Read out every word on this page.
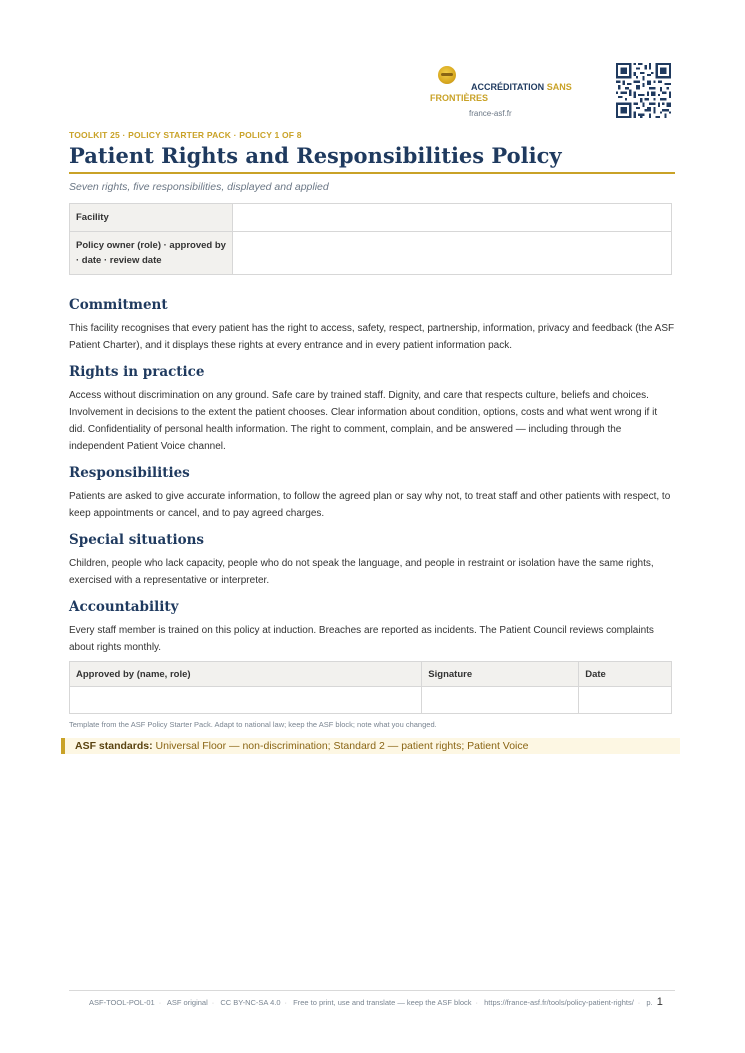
ACCRÉDITATION SANS FRONTIÈRES
france-asf.fr
TOOLKIT 25 · POLICY STARTER PACK · POLICY 1 OF 8
Patient Rights and Responsibilities Policy
Seven rights, five responsibilities, displayed and applied
Facility	
Policy owner (role) · approved by · date · review date	
Commitment

This facility recognises that every patient has the right to access, safety, respect, partnership, information, privacy and feedback (the ASF Patient Charter), and it displays these rights at every entrance and in every patient information pack.

Rights in practice

Access without discrimination on any ground. Safe care by trained staff. Dignity, and care that respects culture, beliefs and choices. Involvement in decisions to the extent the patient chooses. Clear information about condition, options, costs and what went wrong if it did. Confidentiality of personal health information. The right to comment, complain, and be answered — including through the independent Patient Voice channel.

Responsibilities

Patients are asked to give accurate information, to follow the agreed plan or say why not, to treat staff and other patients with respect, to keep appointments or cancel, and to pay agreed charges.

Special situations

Children, people who lack capacity, people who do not speak the language, and people in restraint or isolation have the same rights, exercised with a representative or interpreter.

Accountability

Every staff member is trained on this policy at induction. Breaches are reported as incidents. The Patient Council reviews complaints about rights monthly.

Approved by (name, role)	Signature	Date

Template from the ASF Policy Starter Pack. Adapt to national law; keep the ASF block; note what you changed.
ASF standards: Universal Floor — non-discrimination; Standard 2 — patient rights; Patient Voice
ASF-TOOL-POL-01 · ASF original · CC BY-NC-SA 4.0 · Free to print, use and translate — keep the ASF block · https://france-asf.fr/tools/policy-patient-rights/ · p. 1
